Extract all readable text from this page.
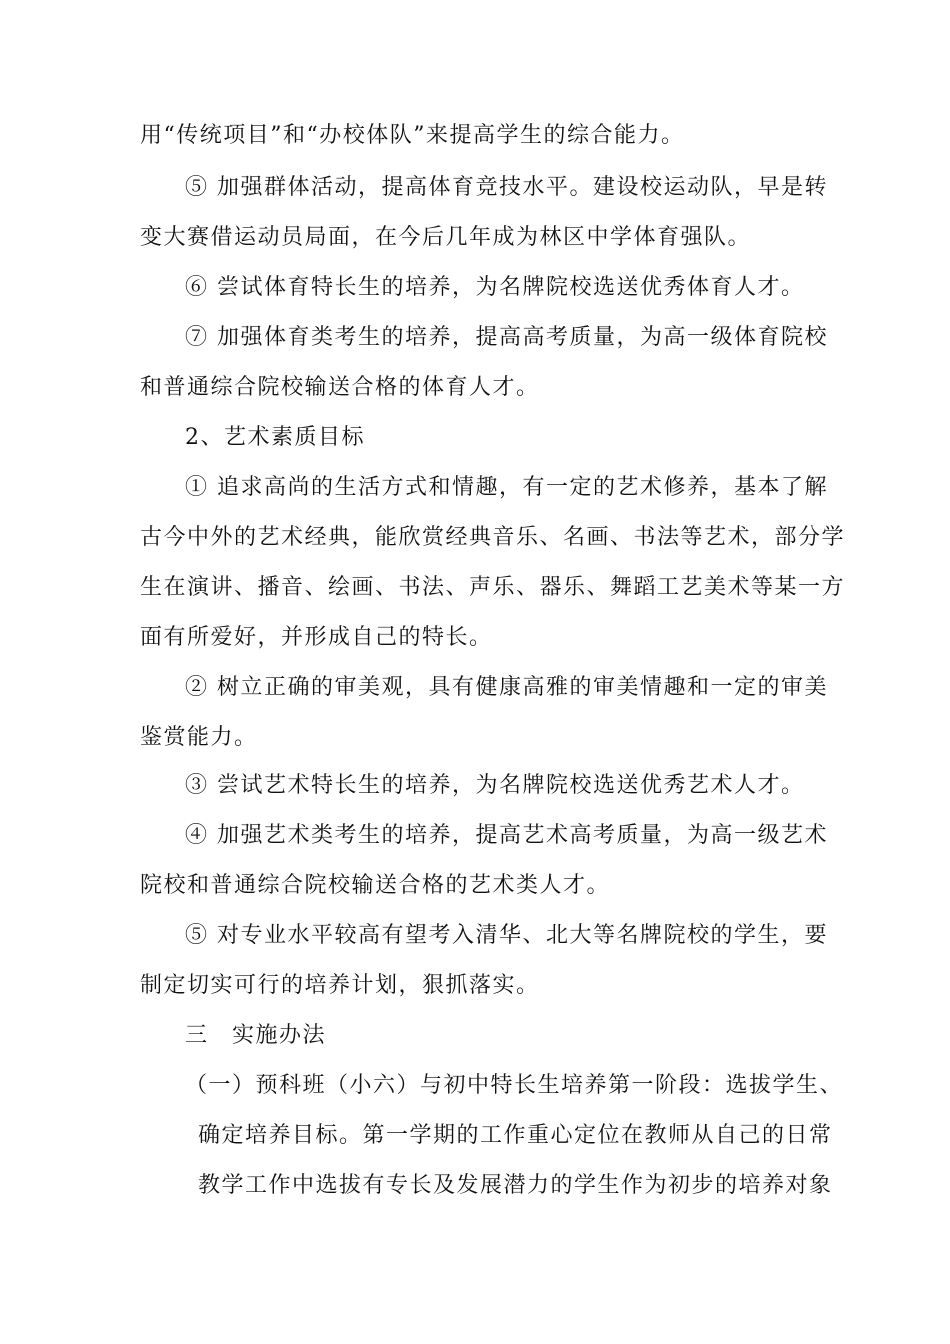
用“传统项目”和“办校体队”来提高学生的综合能力。
⑤ 加强群体活动，提高体育竞技水平。建设校运动队，早是转
变大赛借运动员局面，在今后几年成为林区中学体育强队。
⑥ 尝试体育特长生的培养，为名牌院校选送优秀体育人才。
⑦ 加强体育类考生的培养，提高高考质量，为高一级体育院校
和普通综合院校输送合格的体育人才。
2、艺术素质目标
① 追求高尚的生活方式和情趣，有一定的艺术修养，基本了解
古今中外的艺术经典，能欣赏经典音乐、名画、书法等艺术，部分学
生在演讲、播音、绘画、书法、声乐、器乐、舞蹈工艺美术等某一方
面有所爱好，并形成自己的特长。
② 树立正确的审美观，具有健康高雅的审美情趣和一定的审美
鉴赏能力。
③ 尝试艺术特长生的培养，为名牌院校选送优秀艺术人才。
④ 加强艺术类考生的培养，提高艺术高考质量，为高一级艺术
院校和普通综合院校输送合格的艺术类人才。
⑤ 对专业水平较高有望考入清华、北大等名牌院校的学生，要
制定切实可行的培养计划，狠抓落实。
三　实施办法
（一）预科班（小六）与初中特长生培养第一阶段：选拔学生、
确定培养目标。第一学期的工作重心定位在教师从自己的日常
教学工作中选拔有专长及发展潜力的学生作为初步的培养对象
